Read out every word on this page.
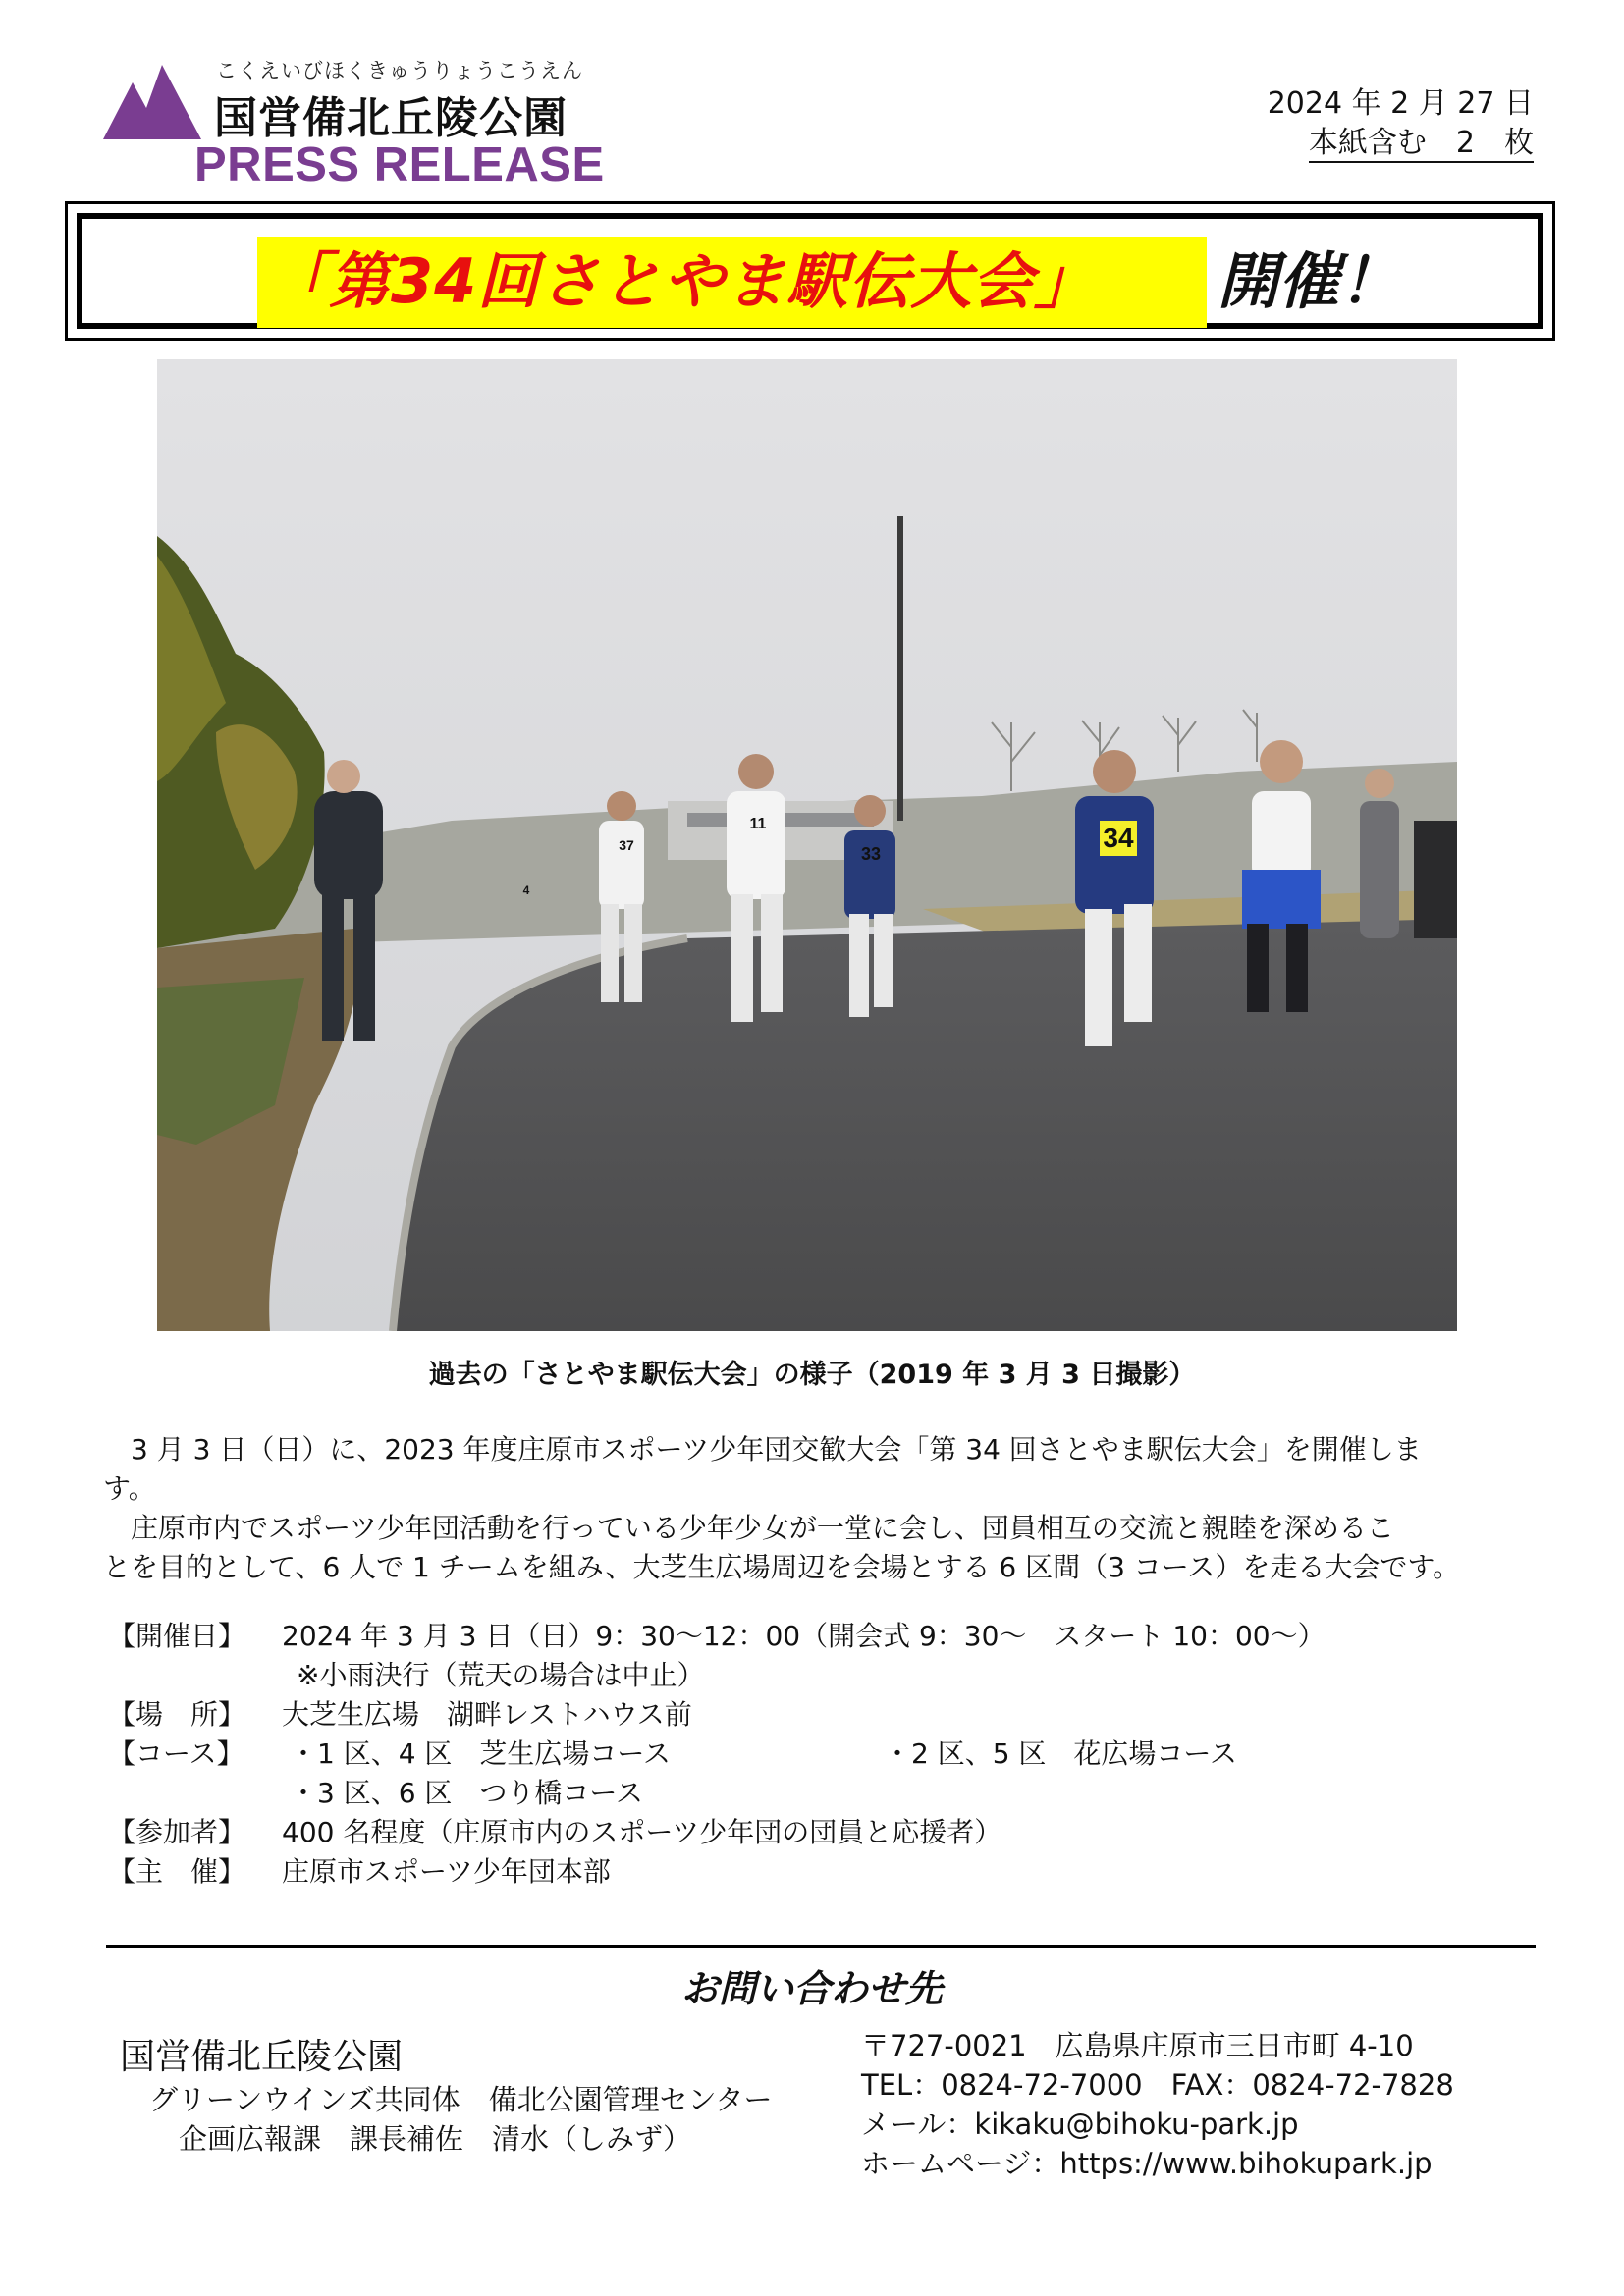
こくえいびほくきゅうりょうこうえん
国営備北丘陵公園
PRESS RELEASE
2024 年 2 月 27 日
本紙含む　2　枚
「第34回さとやま駅伝大会」 開催！
34
33
11
37
4
過去の「さとやま駅伝大会」の様子（2019 年 3 月 3 日撮影）
　3 月 3 日（日）に、2023 年度庄原市スポーツ少年団交歓大会「第 34 回さとやま駅伝大会」を開催しま
す。
　庄原市内でスポーツ少年団活動を行っている少年少女が一堂に会し、団員相互の交流と親睦を深めるこ
とを目的として、6 人で 1 チームを組み、大芝生広場周辺を会場とする 6 区間（3 コース）を走る大会です。
【開催日】 2024 年 3 月 3 日（日）9：30～12：00（開会式 9：30～　スタート 10：00～）
※小雨決行（荒天の場合は中止）
【場　所】 大芝生広場　湖畔レストハウス前
【コース】 ・1 区、4 区　芝生広場コース	・2 区、5 区　花広場コース
・3 区、6 区　つり橋コース
【参加者】 400 名程度（庄原市内のスポーツ少年団の団員と応援者）
【主　催】 庄原市スポーツ少年団本部
お問い合わせ先
国営備北丘陵公園
グリーンウインズ共同体　備北公園管理センター
企画広報課　課長補佐　清水（しみず）
〒727-0021　広島県庄原市三日市町 4-10
TEL：0824-72-7000　FAX：0824-72-7828
メール：kikaku@bihoku-park.jp
ホームページ：https://www.bihokupark.jp
